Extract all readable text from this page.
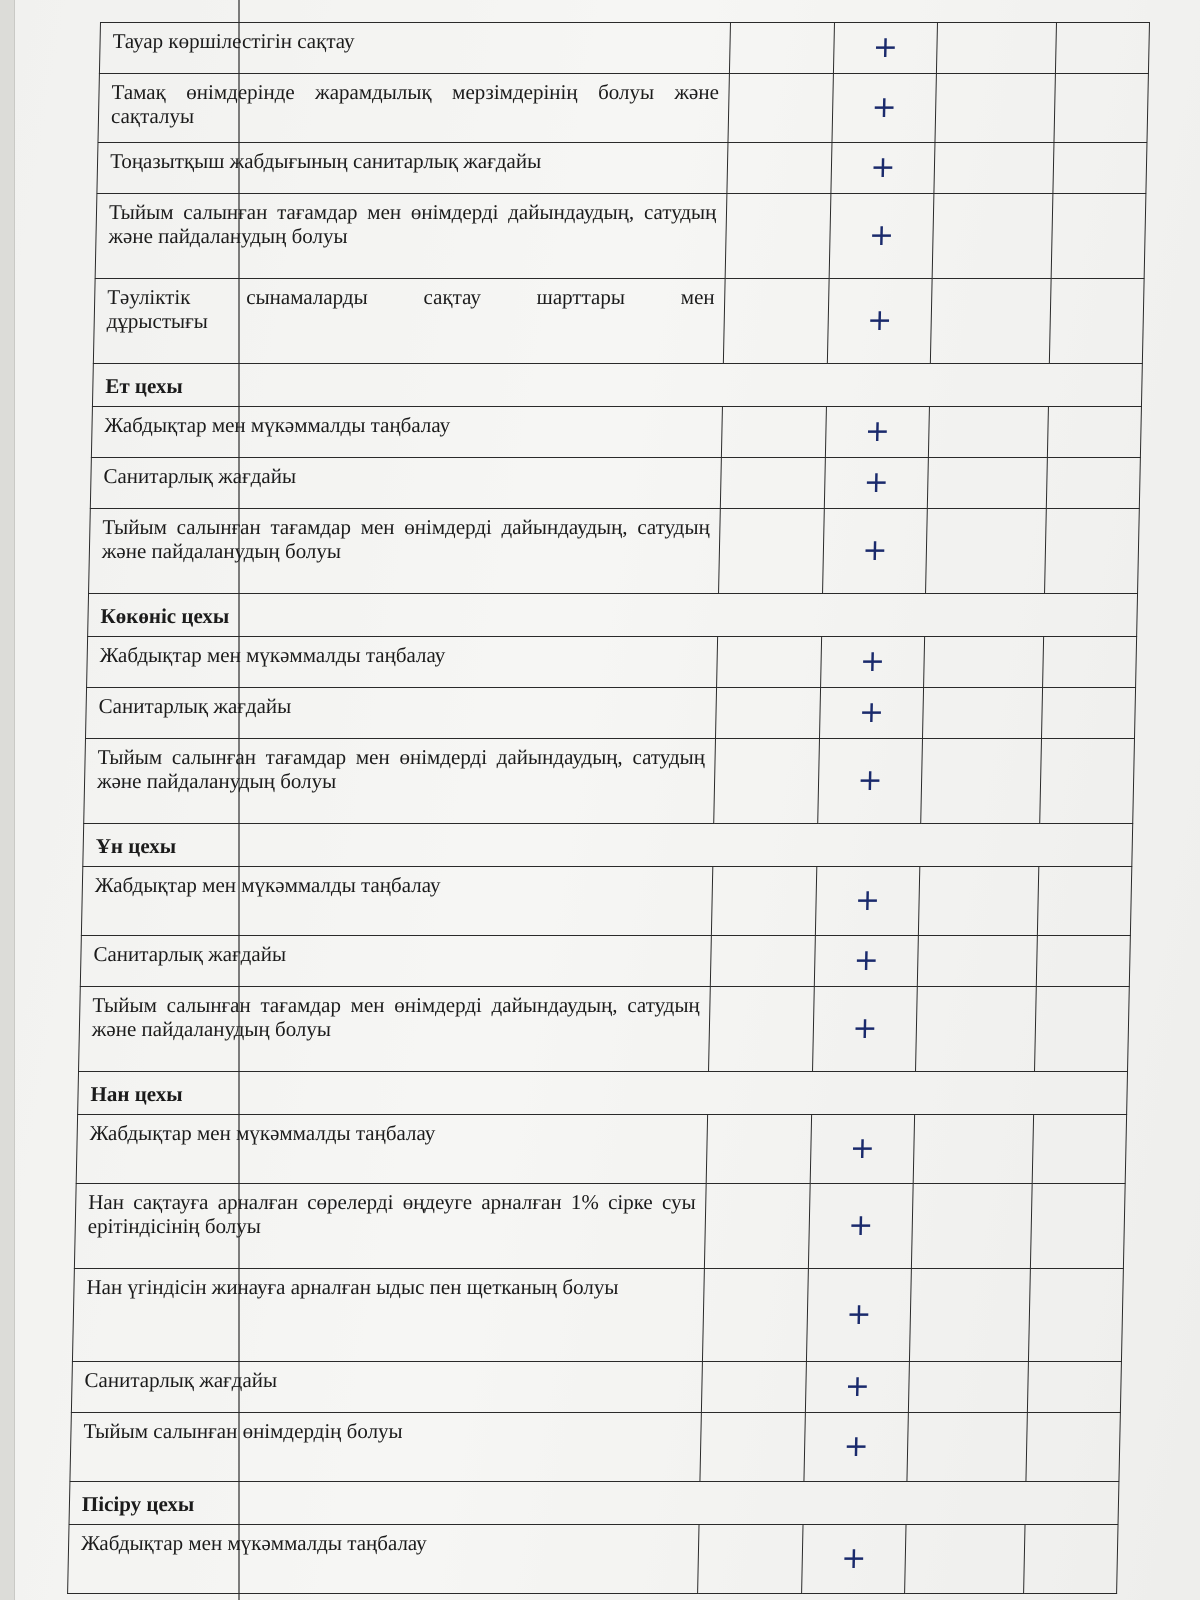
Тауар көршілестігін сақтау		+		
Тамақ өнімдерінде жарамдылық мерзімдерінің болуы және сақталуы		+		
Тоңазытқыш жабдығының санитарлық жағдайы		+		
Тыйым салынған тағамдар мен өнімдерді дайындаудың, сатудың және пайдаланудың болуы		+		
Тәуліктік сынамаларды сақтау шарттары мен дұрыстығы		+		
Ет цехы				
Жабдықтар мен мүкәммалды таңбалау		+		
Санитарлық жағдайы		+		
Тыйым салынған тағамдар мен өнімдерді дайындаудың, сатудың және пайдаланудың болуы		+		
Көкөніс цехы				
Жабдықтар мен мүкәммалды таңбалау		+		
Санитарлық жағдайы		+		
Тыйым салынған тағамдар мен өнімдерді дайындаудың, сатудың және пайдаланудың болуы		+		
Ұн цехы				
Жабдықтар мен мүкәммалды таңбалау		+		
Санитарлық жағдайы		+		
Тыйым салынған тағамдар мен өнімдерді дайындаудың, сатудың және пайдаланудың болуы		+		
Нан цехы				
Жабдықтар мен мүкәммалды таңбалау		+		
Нан сақтауға арналған сөрелерді өңдеуге арналған 1% сірке суы ерітіндісінің болуы		+		
Нан үгіндісін жинауға арналған ыдыс пен щетканың болуы		+		
Санитарлық жағдайы		+		
Тыйым салынған өнімдердің болуы		+		
Пісіру цехы				
Жабдықтар мен мүкәммалды таңбалау		+		
